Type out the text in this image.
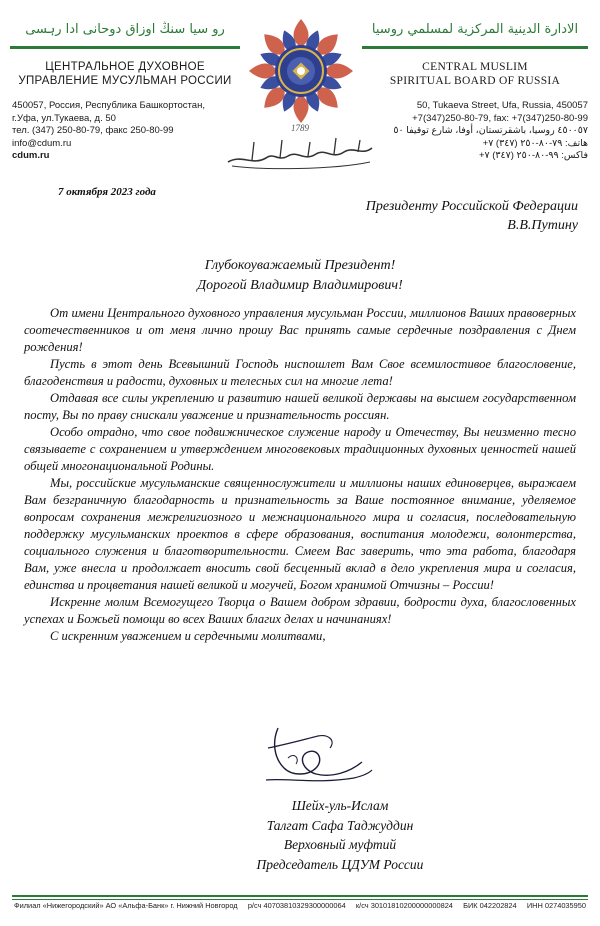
رو سیا سنڭ اوزاق دوحانی ادا رہسی	الادارة الدينية المركزية لمسلمي روسيا
ЦЕНТРАЛЬНОЕ ДУХОВНОЕ
УПРАВЛЕНИЕ МУСУЛЬМАН РОССИИ
CENTRAL MUSLIM
SPIRITUAL BOARD OF RUSSIA
1789
450057, Россия, Республика Башкортостан,
г.Уфа, ул.Тукаева, д. 50
тел. (347) 250-80-79, факс 250-80-99
info@cdum.ru
cdum.ru
50, Tukaeva Street, Ufa, Russia, 450057
+7(347)250-80-79, fax: +7(347)250-80-99
٤٥٠٠٥٧ روسيا، باشقرتستان، أوفا، شارع توقيفا ٥٠
هاتف: ٧٩-٨٠-٢٥٠ (٣٤٧) ٧+
فاكس: ٩٩-٨٠-٢٥٠ (٣٤٧) ٧+
7 октября 2023 года
Президенту Российской Федерации
В.В.Путину
Глубокоуважаемый Президент!
Дорогой Владимир Владимирович!

От имени Центрального духовного управления мусульман России, миллионов Ваших правоверных соотечественников и от меня лично прошу Вас принять самые сердечные поздравления с Днем рождения!

Пусть в этот день Всевышний Господь ниспошлет Вам Свое всемилостивое благословение, благоденствия и радости, духовных и телесных сил на многие лета!

Отдавая все силы укреплению и развитию нашей великой державы на высшем государственном посту, Вы по праву снискали уважение и признательность россиян.

Особо отрадно, что свое подвижническое служение народу и Отечеству, Вы неизменно тесно связываете с сохранением и утверждением многовековых традиционных духовных ценностей нашей общей многонациональной Родины.

Мы, российские мусульманские священнослужители и миллионы наших единоверцев, выражаем Вам безграничную благодарность и признательность за Ваше постоянное внимание, уделяемое вопросам сохранения межрелигиозного и межнационального мира и согласия, последовательную поддержку мусульманских проектов в сфере образования, воспитания молодежи, волонтерства, социального служения и благотворительности. Смеем Вас заверить, что эта работа, благодаря Вам, уже внесла и продолжает вносить свой бесценный вклад в дело укрепления мира и согласия, единства и процветания нашей великой и могучей, Богом хранимой Отчизны – России!

Искренне молим Всемогущего Творца о Вашем добром здравии, бодрости духа, благословенных успехах и Божьей помощи во всех Ваших благих делах и начинаниях!

С искренним уважением и сердечными молитвами,

Шейх-уль-Ислам
Талгат Сафа Таджуддин
Верховный муфтий
Председатель ЦДУМ России
Филиал «Нижегородский» АО «Альфа-Банк» г. Нижний Новгород р/сч 40703810329300000064 к/сч 30101810200000000824 БИК 042202824 ИНН 0274035950
